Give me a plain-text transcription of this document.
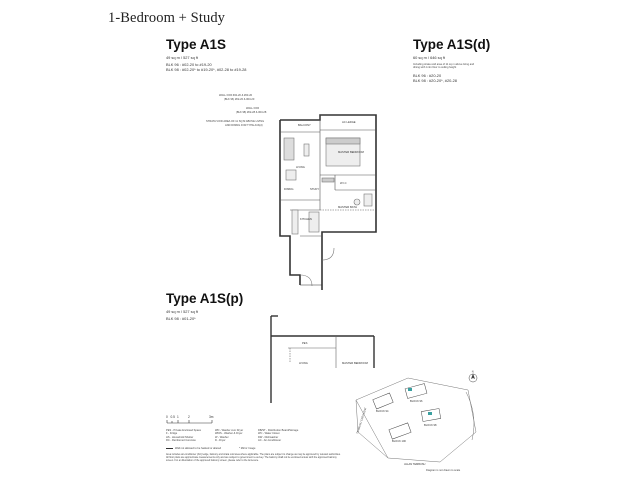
1-Bedroom + Study
Type A1S
49 sq m / 527 sq ft
BLK 96 : #02-20 to #19-20
BLK 98 : #02-20* to #19-20*, #02-28 to #19-28
Type A1S(d)
60 sq m / 646 sq ft
Including strata void area of 11 sq m above living and dining with 4.4m floor to ceiling height
BLK 96 : #20-20
BLK 98 : #20-20*, #20-28
Type A1S(p)
49 sq m / 527 sq ft
BLK 98 : #01-20*
WALL FOR #02-20 & #03-20
(BLK 96) #02-20 & #03-20
WALL FOR
(BLK 98) #02-28 & #03-28
STRATA VOID AREA OF 11 SQ M ABOVE LIVING
AND DINING FOR TYPE A1S(d)	BALCONY
AC LEDGE
MASTER BEDROOM
LIVING
DINING	STUDY
MASTER BATH
KITCHEN
W.I.C
PES
LIVING	MASTER BEDROOM
0 0.5 1	2	3m
PES - Private Enclosed Space
F - Fridge
HS - Household Shelter
RC - Reinforced Concrete
WD - Washer cum Dryer
WD/S - Washer & Dryer
W - Washer
D - Dryer
DB/ST - Distribution Board/Storage
WC - Water Closet
DW - Dishwasher
AC - Air-Conditioner
Wall not allowed to be hacked or altered	* Mirror Image
Area includes air-conditioner (AC) ledge, balcony and strata void area where applicable. The plans are subject to change as may be approved by relevant authorities. All floor plans are approximate measurements only and are subject to government re-survey. The balcony shall not be enclosed unless with the approved balcony screen. For an illustration of the approved balcony screen, please refer to the Annexure.
BLOCK 94
BLOCK 96
BLOCK 98
BLOCK 100
JALAN TEMBUSU
TEMBUSU CRESCENT
N
Diagram is not drawn to scale
